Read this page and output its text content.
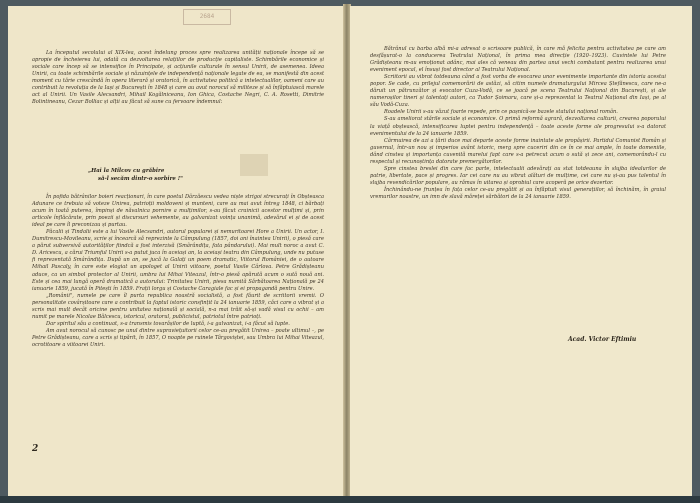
2684

La începutul secolului al XIX-lea, acest îndelung proces spre realizarea unității naționale începe să se apropie de încheierea lui, odată cu dezvoltarea relațiilor de producție capitaliste. Schimbările economice și sociale care încep să se intensifice în Principate, și acțiunile culturale în sensul Unirii, de asemenea. Ideea Unirii, cu toate schimbările sociale și năzuințele de independență naționale legate de ea, se manifestă din acest moment cu tărie crescândă în opera literară și oratorică, în activitatea politică a intelectualilor, oameni care au contribuit la revoluția de la Iași și București în 1848 și care au avut norocul să militeze și să înfăptuiască marele act al Unirii. Un Vasile Alecsandri, Mihail Kogălniceanu, Ion Ghica, Costache Negri, C. A. Rosetti, Dimitrie Bolintineanu, Cezar Bolliac și alții au făcut să sune cu fervoare îndemnul:

„Hai la Milcov cu grăbire
să-l secăm dintr-o sorbire !"

În pofida bătrânilor boieri reacționari, în care poetul Dârzăescu vedea niște strigoi strecurați în Obșteasca Adunare ce trebuia să voteze Unirea, patrioții moldoveni și munteni, care au mai avut întreg 1848, ci bărbați acum în toată puterea, împinși de năvalnica pornire a mulțimilor, s-au făcut crainicii acestor mulțimi și, prin articole înflăcărate, prin poezii și discursuri vehemente, au galvanizat voința unanimă, adevărul ei și de acest ideal pe care îl preconizau și purtau.

Păcalii și Tindalii este a lui Vasile Alecsandri, autorul popularei și nemuritoarei Hore a Unirii. Un actor, I. Dumitrescu-Movileanu, scrie și încearcă să reprezinte la Câmpulung (1857, doi ani înaintea Unirii), o piesă care a părut subversivă autorităților fiindcă a fost interzisă (Smârândița, fata pândarului). Mai mult noroc a avut C. D. Aricescu, a cărui Triumful Unirii s-a putut juca în aceiași an, la aceiași teatru din Câmpulung, unde nu putuse fi reprezentată Smârândița. După un an, se jucă la Galați un poem dramatic, Viitorul României, de o autoare Mihail Pascaly, în care este elogiat un apologet al Unirii viitoare, poetul Vasile Cârlova. Petre Grădișteanu aduce, ca un simbol protector al Unirii, umbra lui Mihai Viteazul, într-o piesă apărută acum o sută nouă ani. Este și cea mai lungă operă dramatică a autorului: Trinitatea Unirii, piesa numită Sărbătoarea Națională pe 24 ianuarie 1859, jucată în Pitești în 1859. Frații lorgu și Costache Caragiale fac și ei propagandă pentru Unire.

„Românii", numele pe care îl purta republica noastră socialistă, a fost făurit de scriitorii vremii. O personalitate covârșitoare care a contribuit la faptul istoric consfințit la 24 ianuarie 1859, căci care a vibrat și a scris mai mult decât oricine pentru unitatea națională și socială, n-a mai trăit să-și vadă visul cu ochii – am numit pe marele Nicolae Bălcescu, istoricul, oratorul, publicistul, patriotul între patrioți.

Dar spiritul său a continuat, s-a transmis tovarășilor de luptă, i-a galvanizat, i-a făcut să lupte.

Am avut norocul să cunosc pe unul dintre supraviețuitorii celor ce-au pregătit Unirea – poate ultimul –, pe Petre Grădișteanu, care a scris și tipărit, în 1857, O noapte pe ruinele Târgoviștei, sau Umbra lui Mihai Viteazul, ocrotitoare a viitoarei Uniri.

2

Bătrânul cu barba albă mi-a adresat o scrisoare publică, în care mă felicita pentru activitatea pe care am desfășurat-o la conducerea Teatrului Național, în prima mea direcție (1920–1923). Cuvintele lui Petre Grădișteanu m-au emoționat adânc, mai ales că veneau din partea unui vechi combatant pentru realizarea unui eveniment epocal, el însuși fost director al Teatrului Național.

Scriitorii au vibrat totdeauna când a fost vorba de evocarea unor evenimente importante din istoria acestui popor. Se cade, cu prilejul comemorării de astăzi, să citim numele dramaturgului Mircea Ștefănescu, care ne-a dăruit un pătrunzător și evocator Cuza-Vodă, ce se joacă pe scena Teatrului Național din București, și ale numeroșilor tineri și talentați autori, ca Tudor Șoimaru, care și-a reprezentat la Teatrul Național din Iași, pe al său Vodă-Cuza.

Roadele Unirii s-au văzut foarte repede, prin ce pașnică-se bazele statului național român.

S-au ameliorat stările sociale și economice. O primă reformă agrară, dezvoltarea culturii, crearea poporului la viață obștească, intensificarea luptei pentru independență – toate aceste forme ale progresului s-a datorat evenimentului de la 24 ianuarie 1859.

Cârmuirea de azi a țării duce mai departe aceste forme inaintate ale propășirii. Partidul Comunist Român și guvernul, într-un nou și imperios avânt istoric, merg spre cuceriri din ce în ce mai ample, în toate domeniile, dând cinstea și importanța cuvenită marelui fapt care s-a petrecut acum o sută și zece ani, comemorându-l cu respectul și recunoștința datorate premergătorilor.

Spre cinstea breslei din care fac parte, intelectualii adevărați au stat totdeauna în slujba idealurilor de patrie, libertate, pace și progres. Iar cei care nu au vibrat alături de mulțime, cei care nu și-au pus talentul în slujba revendicărilor populare, au rămas în uitarea și oprobiul care acoperă pe orice dezertor.

Închinându-ne frunțea în fața celor ce-au pregătit și au înfăptuit visul generațiilor, să închinăm, în graiul vremurilor noastre, un imn de slavă măreței sărbători de la 24 ianuarie 1859.

Acad. Victor Eftimiu
